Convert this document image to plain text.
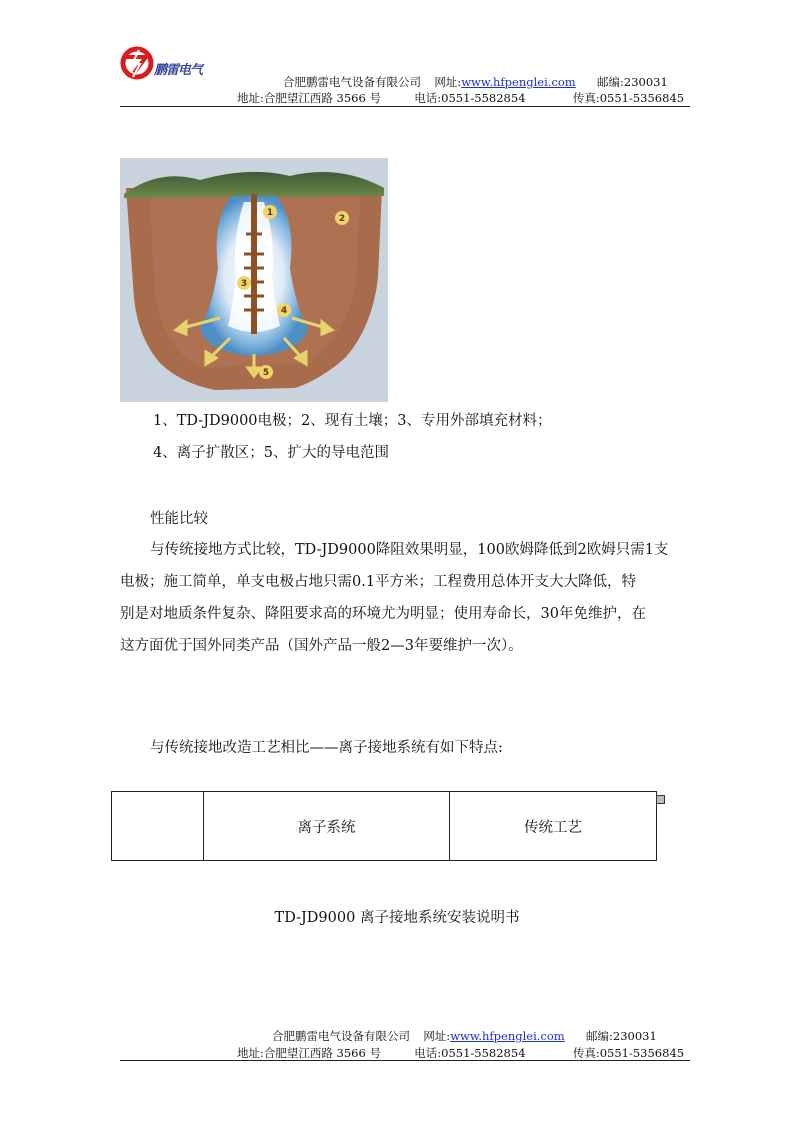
鹏雷电气
合肥鹏雷电气设备有限公司 网址:www.hfpenglei.com 邮编:230031
地址:合肥望江西路 3566 号	电话:0551-5582854	传真:0551-5356845
1
2
3
4
5
1、TD-JD9000电极；2、现有土壤；3、专用外部填充材料；
4、离子扩散区；5、扩大的导电范围
性能比较
与传统接地方式比较，TD-JD9000降阻效果明显，100欧姆降低到2欧姆只需1支
电极；施工简单，单支电极占地只需0.1平方米；工程费用总体开支大大降低，特
别是对地质条件复杂、降阻要求高的环境尤为明显；使用寿命长，30年免维护，在
这方面优于国外同类产品（国外产品一般2—3年要维护一次）。
与传统接地改造工艺相比——离子接地系统有如下特点:
	离子系统	传统工艺
TD-JD9000 离子接地系统安装说明书
合肥鹏雷电气设备有限公司 网址:www.hfpenglei.com 邮编:230031
地址:合肥望江西路 3566 号	电话:0551-5582854	传真:0551-5356845
